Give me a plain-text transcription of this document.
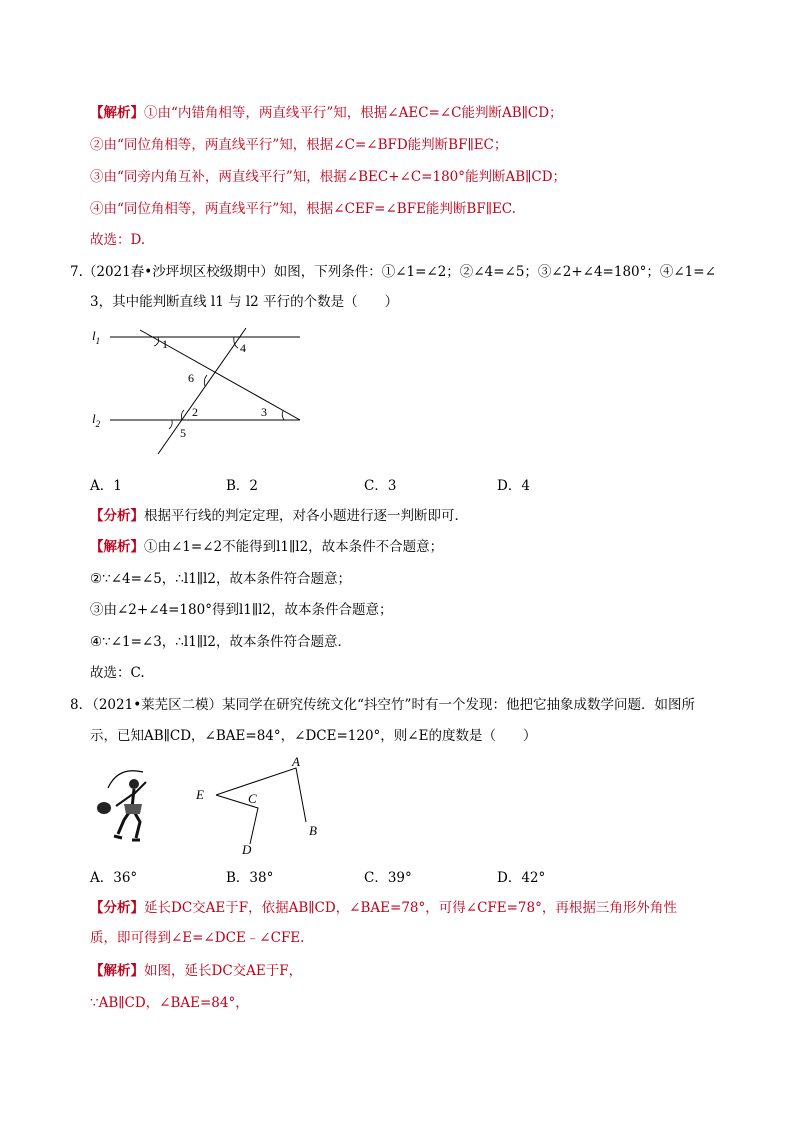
【解析】①由“内错角相等，两直线平行”知，根据∠AEC=∠C能判断AB∥CD；
②由“同位角相等，两直线平行”知，根据∠C=∠BFD能判断BF∥EC；
③由“同旁内角互补，两直线平行”知，根据∠BEC+∠C=180°能判断AB∥CD；
④由“同位角相等，两直线平行”知，根据∠CEF=∠BFE能判断BF∥EC.
故选：D.
7.（2021春•沙坪坝区校级期中）如图，下列条件：①∠1=∠2；②∠4=∠5；③∠2+∠4=180°；④∠1=∠
3，其中能判断直线 l1 与 l2 平行的个数是（　　）
$l_1$
$l_2$
1	4
6
2	3
5
A．1	B．2	C．3	D．4
【分析】根据平行线的判定定理，对各小题进行逐一判断即可．
【解析】①由∠1=∠2不能得到l1∥l2，故本条件不合题意；
②∵∠4=∠5，∴l1∥l2，故本条件符合题意；
③由∠2+∠4=180°得到l1∥l2，故本条件合题意；
④∵∠1=∠3，∴l1∥l2，故本条件符合题意．
故选：C.
8．（2021•莱芜区二模）某同学在研究传统文化“抖空竹”时有一个发现：他把它抽象成数学问题．如图所
示，已知AB∥CD，∠BAE=84°，∠DCE=120°，则∠E的度数是（　　）
A
B
C
D
E
A．36°	B．38°	C．39°	D．42°
【分析】延长DC交AE于F，依据AB∥CD，∠BAE=78°，可得∠CFE=78°，再根据三角形外角性
质，即可得到∠E=∠DCE﹣∠CFE.
【解析】如图，延长DC交AE于F，
∵AB∥CD，∠BAE=84°，
